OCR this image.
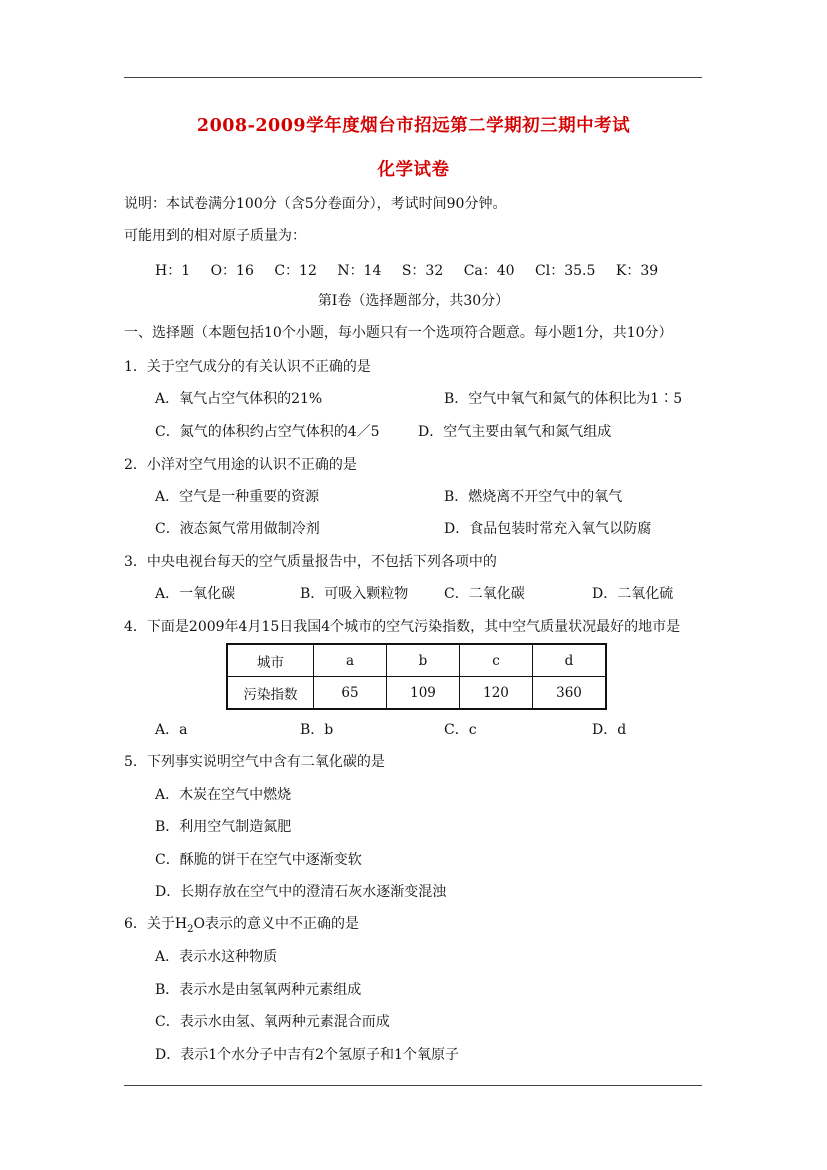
2008-2009学年度烟台市招远第二学期初三期中考试
化学试卷
说明：本试卷满分100分（含5分卷面分），考试时间90分钟。
可能用到的相对原子质量为：
H：1 O：16 C：12 N：14 S：32 Ca：40 Cl：35.5 K：39
第Ⅰ卷（选择题部分，共30分）
一、选择题（本题包括10个小题，每小题只有一个选项符合题意。每小题1分，共10分）
1．关于空气成分的有关认识不正确的是
A．氧气占空气体积的21%	B．空气中氧气和氮气的体积比为1∶5
C．氮气的体积约占空气体积的4／5	D．空气主要由氧气和氮气组成
2．小洋对空气用途的认识不正确的是
A．空气是一种重要的资源	B．燃烧离不开空气中的氧气
C．液态氮气常用做制冷剂	D．食品包装时常充入氧气以防腐
3．中央电视台每天的空气质量报告中，不包括下列各项中的
A．一氧化碳	B．可吸入颗粒物	C．二氧化碳	D．二氧化硫
4．下面是2009年4月15日我国4个城市的空气污染指数，其中空气质量状况最好的地市是
城市	a	b	c	d
污染指数	65	109	120	360
A．a	B．b	C．c	D．d
5．下列事实说明空气中含有二氧化碳的是
A．木炭在空气中燃烧
B．利用空气制造氮肥
C．酥脆的饼干在空气中逐渐变软
D．长期存放在空气中的澄清石灰水逐渐变混浊
6．关于$H_2O$表示的意义中不正确的是
A．表示水这种物质
B．表示水是由氢氧两种元素组成
C．表示水由氢、氧两种元素混合而成
D．表示1个水分子中吉有2个氢原子和1个氧原子
